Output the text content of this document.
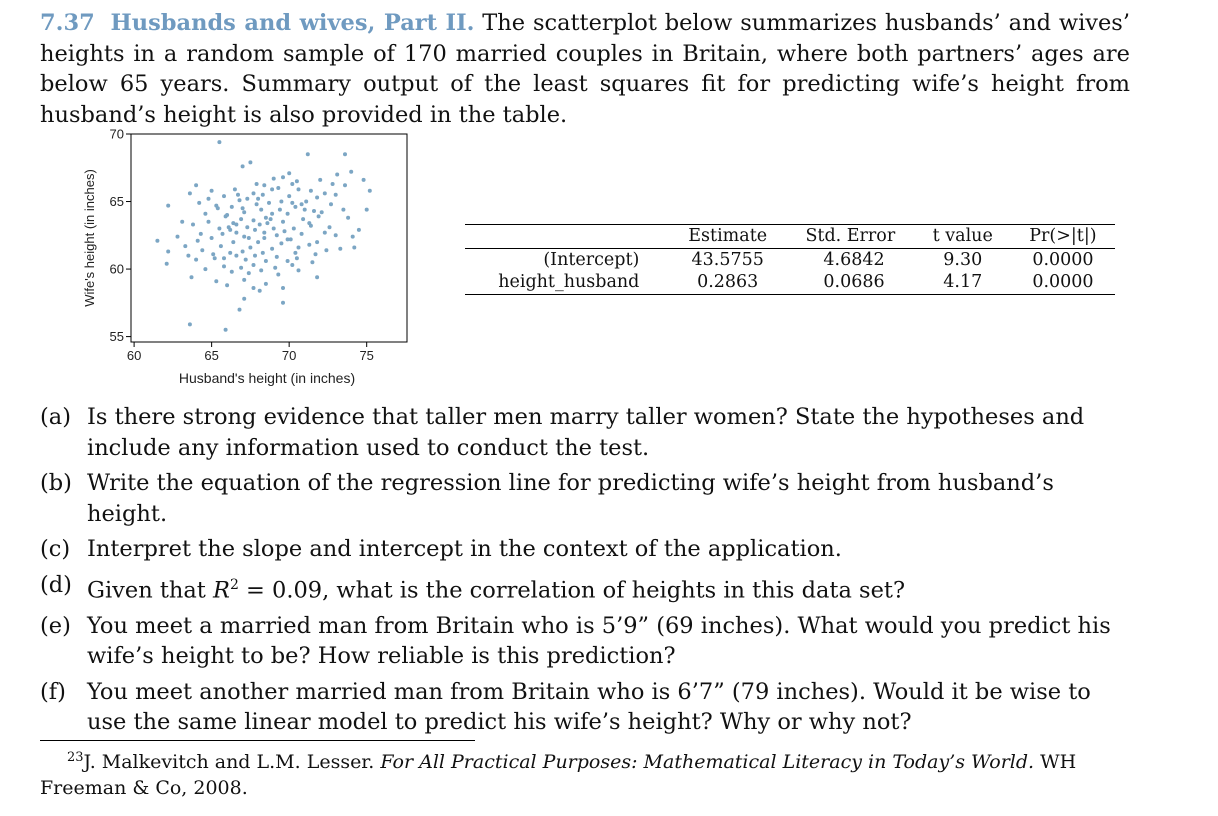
7.37 Husbands and wives, Part II. The scatterplot below summarizes husbands’ and wives’ heights in a random sample of 170 married couples in Britain, where both partners’ ages are below 65 years. Summary output of the least squares fit for predicting wife’s height from husband’s height is also provided in the table.

60	65	70	75
55
60
65
70
Husband's height (in inches)
Wife's height (in inches)
		Estimate	Std. Error	t value	Pr(>|t|)
(Intercept)	43.5755	4.6842	9.30	0.0000
height_husband	0.2863	0.0686	4.17	0.0000
(a) Is there strong evidence that taller men marry taller women? State the hypotheses and include any information used to conduct the test.
(b) Write the equation of the regression line for predicting wife’s height from husband’s height.
(c) Interpret the slope and intercept in the context of the application.
(d) Given that $R^2 = 0.09$, what is the correlation of heights in this data set?
(e) You meet a married man from Britain who is 5’9” (69 inches). What would you predict his wife’s height to be? How reliable is this prediction?
(f) You meet another married man from Britain who is 6’7” (79 inches). Would it be wise to use the same linear model to predict his wife’s height? Why or why not?

$^{23}$J. Malkevitch and L.M. Lesser. For All Practical Purposes: Mathematical Literacy in Today’s World. WH Freeman & Co, 2008.
